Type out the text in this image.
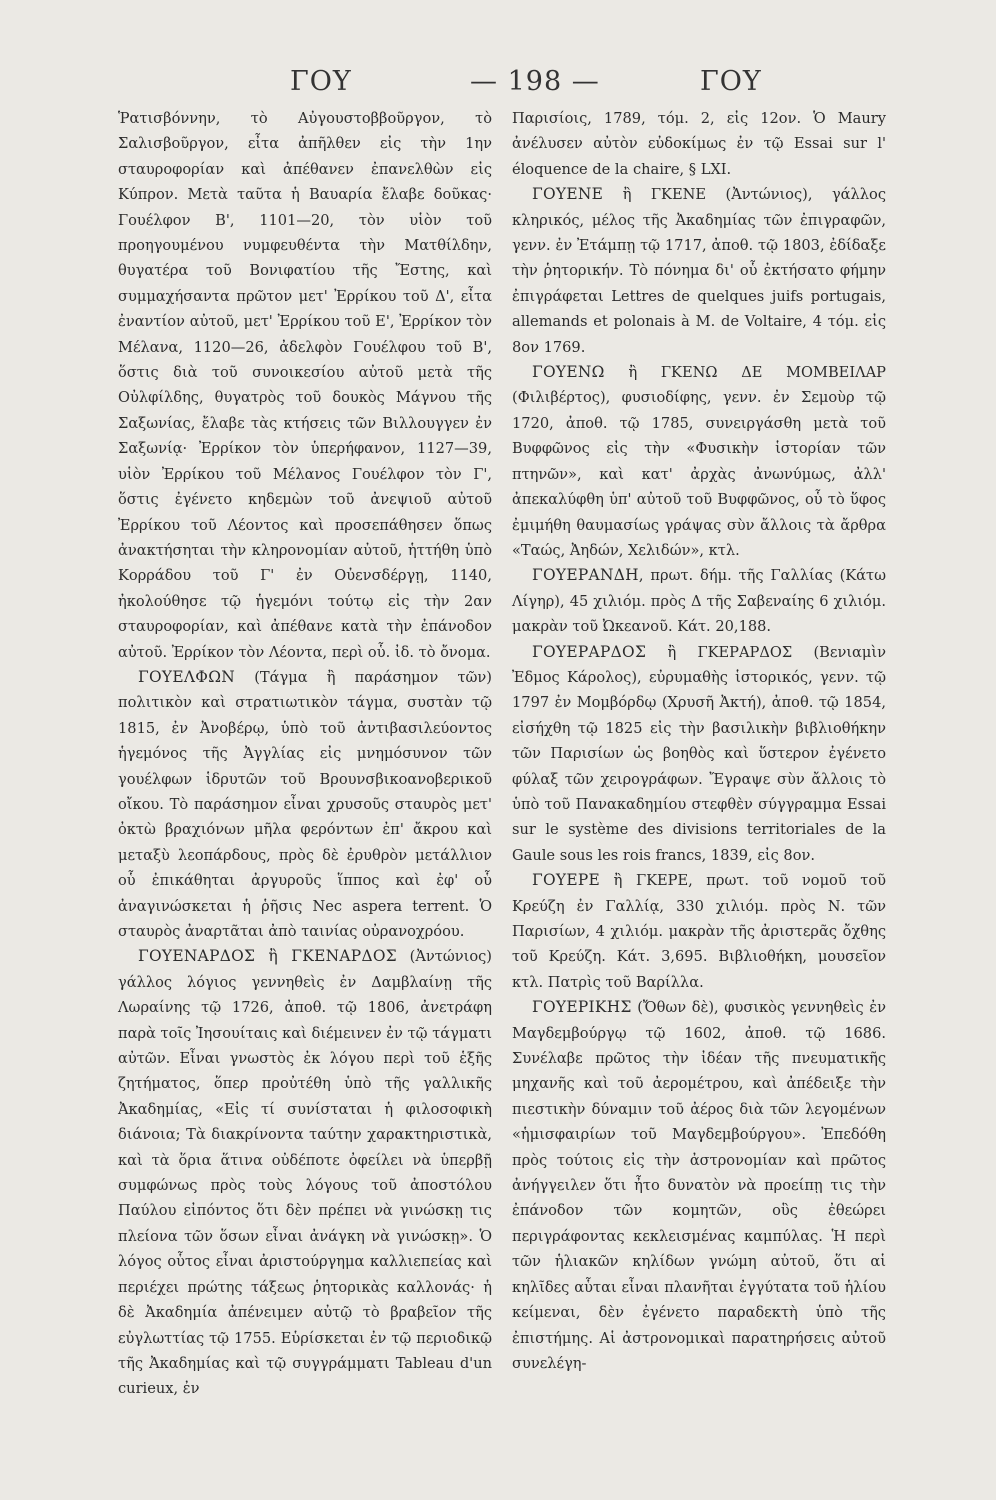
ΓΟΥ	— 198 —	ΓΟΥ

Ῥατισβόννην, τὸ Αὐγουστοββοῦργον, τὸ Σαλισβοῦργον, εἶτα ἀπῆλθεν εἰς τὴν 1ην σταυροφορίαν καὶ ἀπέθανεν ἐπανελθὼν εἰς Κύπρον. Μετὰ ταῦτα ἡ Βαυαρία ἔλαβε δοῦκας· Γουέλφον Β', 1101—20, τὸν υἱὸν τοῦ προηγουμένου νυμφευθέντα τὴν Ματθίλδην, θυγατέρα τοῦ Βονιφατίου τῆς Ἔστης, καὶ συμμαχήσαντα πρῶτον μετ' Ἐρρίκου τοῦ Δ', εἶτα ἐναντίον αὐτοῦ, μετ' Ἐρρίκου τοῦ Ε', Ἐρρίκον τὸν Μέλανα, 1120—26, ἀδελφὸν Γουέλφου τοῦ Β', ὅστις διὰ τοῦ συνοικεσίου αὐτοῦ μετὰ τῆς Οὐλφίλδης, θυγατρὸς τοῦ δουκὸς Μάγνου τῆς Σαξωνίας, ἔλαβε τὰς κτήσεις τῶν Βιλλουγγεν ἐν Σαξωνίᾳ· Ἐρρίκον τὸν ὑπερήφανον, 1127—39, υἱὸν Ἐρρίκου τοῦ Μέλανος Γουέλφον τὸν Γ', ὅστις ἐγένετο κηδεμὼν τοῦ ἀνεψιοῦ αὐτοῦ Ἐρρίκου τοῦ Λέοντος καὶ προσεπάθησεν ὅπως ἀνακτήσηται τὴν κληρονομίαν αὐτοῦ, ἡττήθη ὑπὸ Κορράδου τοῦ Γ' ἐν Οὐενσδέργῃ, 1140, ἠκολούθησε τῷ ἡγεμόνι τούτῳ εἰς τὴν 2αν σταυροφορίαν, καὶ ἀπέθανε κατὰ τὴν ἐπάνοδον αὐτοῦ. Ἐρρίκον τὸν Λέοντα, περὶ οὗ. ἰδ. τὸ ὄνομα.

ΓΟΥΕΛΦΩΝ (Τάγμα ἢ παράσημον τῶν) πολιτικὸν καὶ στρατιωτικὸν τάγμα, συστὰν τῷ 1815, ἐν Ἀνοβέρῳ, ὑπὸ τοῦ ἀντιβασιλεύοντος ἡγεμόνος τῆς Ἀγγλίας εἰς μνημόσυνον τῶν γουέλφων ἱδρυτῶν τοῦ Βρουνσβικοανοβερικοῦ οἴκου. Τὸ παράσημον εἶναι χρυσοῦς σταυρὸς μετ' ὀκτὼ βραχιόνων μῆλα φερόντων ἐπ' ἄκρου καὶ μεταξὺ λεοπάρδους, πρὸς δὲ ἐρυθρὸν μετάλλιον οὗ ἐπικάθηται ἀργυροῦς ἵππος καὶ ἐφ' οὗ ἀναγινώσκεται ἡ ῥῆσις Nec aspera terrent. Ὁ σταυρὸς ἀναρτᾶται ἀπὸ ταινίας οὐρανοχρόου.

ΓΟΥΕΝΑΡΔΟΣ ἢ ΓΚΕΝΑΡΔΟΣ (Ἀντώνιος) γάλλος λόγιος γεννηθεὶς ἐν Δαμβλαίνῃ τῆς Λωραίνης τῷ 1726, ἀποθ. τῷ 1806, ἀνετράφη παρὰ τοῖς Ἰησουίταις καὶ διέμεινεν ἐν τῷ τάγματι αὐτῶν. Εἶναι γνωστὸς ἐκ λόγου περὶ τοῦ ἑξῆς ζητήματος, ὅπερ προὐτέθη ὑπὸ τῆς γαλλικῆς Ἀκαδημίας, «Εἰς τί συνίσταται ἡ φιλοσοφικὴ διάνοια; Τὰ διακρίνοντα ταύτην χαρακτηριστικὰ, καὶ τὰ ὅρια ἅτινα οὐδέποτε ὀφείλει νὰ ὑπερβῇ συμφώνως πρὸς τοὺς λόγους τοῦ ἀποστόλου Παύλου εἰπόντος ὅτι δὲν πρέπει νὰ γινώσκῃ τις πλείονα τῶν ὅσων εἶναι ἀνάγκη νὰ γινώσκῃ». Ὁ λόγος οὗτος εἶναι ἀριστούργημα καλλιεπείας καὶ περιέχει πρώτης τάξεως ῥητορικὰς καλλονάς· ἡ δὲ Ἀκαδημία ἀπένειμεν αὐτῷ τὸ βραβεῖον τῆς εὐγλωττίας τῷ 1755. Εὑρίσκεται ἐν τῷ περιοδικῷ τῆς Ἀκαδημίας καὶ τῷ συγγράμματι Tableau d'un curieux, ἐν

Παρισίοις, 1789, τόμ. 2, εἰς 12ον. Ὁ Maury ἀνέλυσεν αὐτὸν εὐδοκίμως ἐν τῷ Essai sur l' éloquence de la chaire, § LXI.

ΓΟΥΕΝΕ ἢ ΓΚΕΝΕ (Ἀντώνιος), γάλλος κληρικός, μέλος τῆς Ἀκαδημίας τῶν ἐπιγραφῶν, γενν. ἐν Ἐτάμπῃ τῷ 1717, ἀποθ. τῷ 1803, ἐδίδαξε τὴν ῥητορικήν. Τὸ πόνημα δι' οὗ ἐκτήσατο φήμην ἐπιγράφεται Lettres de quelques juifs portugais, allemands et polonais à M. de Voltaire, 4 τόμ. εἰς 8ον 1769.

ΓΟΥΕΝΩ ἢ ΓΚΕΝΩ ΔΕ ΜΟΜΒΕΙΛΑΡ (Φιλιβέρτος), φυσιοδίφης, γενν. ἐν Σεμοὺρ τῷ 1720, ἀποθ. τῷ 1785, συνειργάσθη μετὰ τοῦ Βυφφῶνος εἰς τὴν «Φυσικὴν ἱστορίαν τῶν πτηνῶν», καὶ κατ' ἀρχὰς ἀνωνύμως, ἀλλ' ἀπεκαλύφθη ὑπ' αὐτοῦ τοῦ Βυφφῶνος, οὗ τὸ ὕφος ἐμιμήθη θαυμασίως γράψας σὺν ἄλλοις τὰ ἄρθρα «Ταώς, Ἀηδών, Χελιδών», κτλ.

ΓΟΥΕΡΑΝΔΗ, πρωτ. δήμ. τῆς Γαλλίας (Κάτω Λίγηρ), 45 χιλιόμ. πρὸς Δ τῆς Σαβεναίης 6 χιλιόμ. μακρὰν τοῦ Ὠκεανοῦ. Κάτ. 20,188.

ΓΟΥΕΡΑΡΔΟΣ ἢ ΓΚΕΡΑΡΔΟΣ (Βενιαμὶν Ἐδμος Κάρολος), εὐρυμαθὴς ἱστορικός, γενν. τῷ 1797 ἐν Μομβόρδῳ (Χρυσῆ Ἀκτή), ἀποθ. τῷ 1854, εἰσήχθη τῷ 1825 εἰς τὴν βασιλικὴν βιβλιοθήκην τῶν Παρισίων ὡς βοηθὸς καὶ ὕστερον ἐγένετο φύλαξ τῶν χειρογράφων. Ἔγραψε σὺν ἄλλοις τὸ ὑπὸ τοῦ Πανακαδημίου στεφθὲν σύγγραμμα Essai sur le système des divisions territoriales de la Gaule sous les rois francs, 1839, εἰς 8ον.

ΓΟΥΕΡΕ ἢ ΓΚΕΡΕ, πρωτ. τοῦ νομοῦ τοῦ Κρεύζη ἐν Γαλλίᾳ, 330 χιλιόμ. πρὸς Ν. τῶν Παρισίων, 4 χιλιόμ. μακρὰν τῆς ἀριστερᾶς ὄχθης τοῦ Κρεύζη. Κάτ. 3,695. Βιβλιοθήκη, μουσεῖον κτλ. Πατρὶς τοῦ Βαρίλλα.

ΓΟΥΕΡΙΚΗΣ (Ὄθων δὲ), φυσικὸς γεννηθεὶς ἐν Μαγδεμβούργῳ τῷ 1602, ἀποθ. τῷ 1686. Συνέλαβε πρῶτος τὴν ἰδέαν τῆς πνευματικῆς μηχανῆς καὶ τοῦ ἀερομέτρου, καὶ ἀπέδειξε τὴν πιεστικὴν δύναμιν τοῦ ἀέρος διὰ τῶν λεγομένων «ἡμισφαιρίων τοῦ Μαγδεμβούργου». Ἐπεδόθη πρὸς τούτοις εἰς τὴν ἀστρονομίαν καὶ πρῶτος ἀνήγγειλεν ὅτι ἦτο δυνατὸν νὰ προείπῃ τις τὴν ἐπάνοδον τῶν κομητῶν, οὓς ἐθεώρει περιγράφοντας κεκλεισμένας καμπύλας. Ἡ περὶ τῶν ἡλιακῶν κηλίδων γνώμη αὐτοῦ, ὅτι αἱ κηλῖδες αὗται εἶναι πλανῆται ἐγγύτατα τοῦ ἡλίου κείμεναι, δὲν ἐγένετο παραδεκτὴ ὑπὸ τῆς ἐπιστήμης. Αἱ ἀστρονομικαὶ παρατηρήσεις αὐτοῦ συνελέγη-
